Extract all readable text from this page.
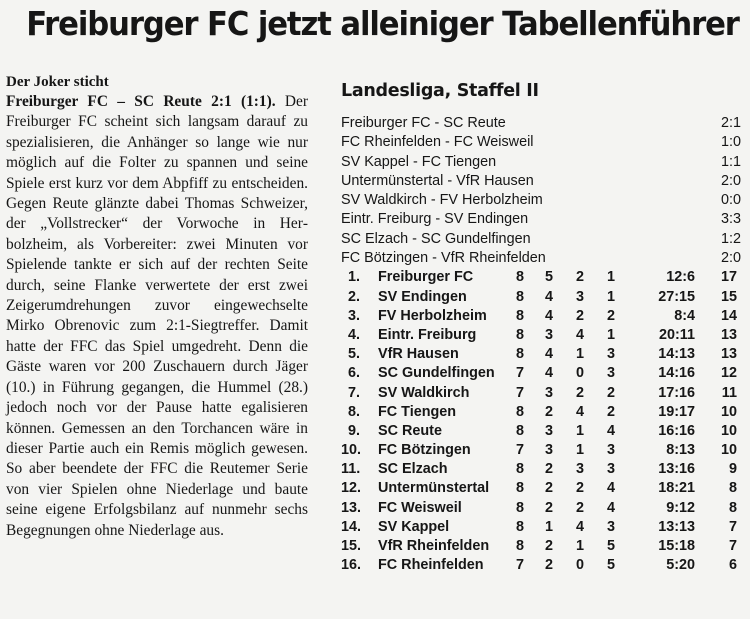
Freiburger FC jetzt alleiniger Tabellenführer

Der Joker sticht

Freiburger FC – SC Reute 2:1 (1:1). Der Freiburger FC scheint sich langsam darauf zu spezialisieren, die Anhänger so lange wie nur möglich auf die Folter zu spannen und seine Spiele erst kurz vor dem Abpfiff zu entscheiden. Gegen Reute glänzte dabei Thomas Schweizer, der „Vollstrecker“ der Vorwoche in Herbolzheim, als Vorbereiter: zwei Minuten vor Spielende tankte er sich auf der rechten Seite durch, seine Flanke verwertete der erst zwei Zeigerumdrehungen zuvor eingewechselte Mirko Obrenovic zum 2:1-Siegtreffer. Damit hatte der FFC das Spiel umgedreht. Denn die Gäste waren vor 200 Zuschauern durch Jäger (10.) in Führung gegangen, die Hummel (28.) jedoch noch vor der Pause hatte egalisieren können. Gemessen an den Torchancen wäre in dieser Partie auch ein Remis möglich gewesen. So aber beendete der FFC die Reutemer Serie von vier Spielen ohne Niederlage und baute seine eigene Erfolgsbilanz auf nunmehr sechs Begegnungen ohne Niederlage aus.

Landesliga, Staffel II
Freiburger FC - SC Reute	2:1
FC Rheinfelden - FC Weisweil	1:0
SV Kappel - FC Tiengen	1:1
Untermünstertal - VfR Hausen	2:0
SV Waldkirch - FV Herbolzheim	0:0
Eintr. Freiburg - SV Endingen	3:3
SC Elzach - SC Gundelfingen	1:2
FC Bötzingen - VfR Rheinfelden	2:0
1. Freiburger FC	8 5 2 1	12:6	17
2. SV Endingen	8 4 3 1	27:15	15
3. FV Herbolzheim 8 4 2 2	8:4	14
4. Eintr. Freiburg	8 3 4 1	20:11	13
5. VfR Hausen	8 4 1 3	14:13	13
6. SC Gundelfingen 7 4 0 3	14:16	12
7. SV Waldkirch	7 3 2 2	17:16	11
8. FC Tiengen	8 2 4 2	19:17	10
9. SC Reute	8 3 1 4	16:16	10
10. FC Bötzingen	7 3 1 3	8:13	10
11. SC Elzach	8 2 3 3	13:16	9
12. Untermünstertal 8 2 2 4	18:21	8
13. FC Weisweil	8 2 2 4	9:12	8
14. SV Kappel	8 1 4 3	13:13	7
15. VfR Rheinfelden 8 2 1 5	15:18	7
16. FC Rheinfelden 7 2 0 5	5:20	6
